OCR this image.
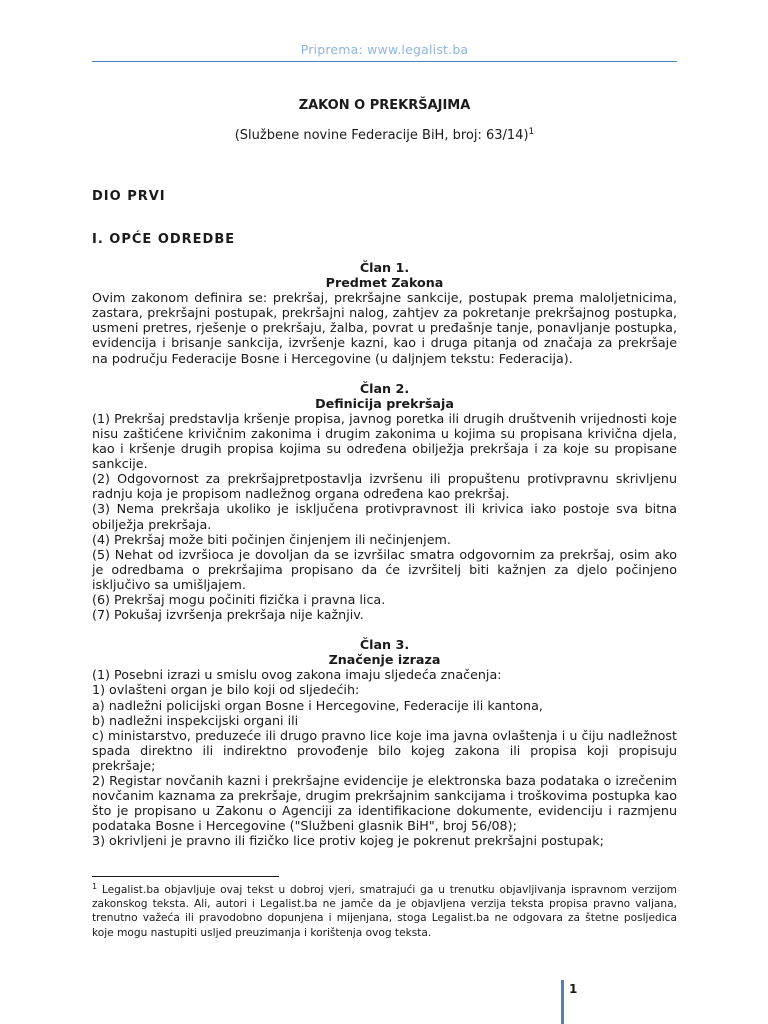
Priprema: www.legalist.ba
ZAKON O PREKRŠAJIMA
(Službene novine Federacije BiH, broj: 63/14)$^1$
DIO PRVI
I. OPĆE ODREDBE
Član 1.
Predmet Zakona
Ovim zakonom definira se: prekršaj, prekršajne sankcije, postupak prema maloljetnicima, zastara, prekršajni postupak, prekršajni nalog, zahtjev za pokretanje prekršajnog postupka, usmeni pretres, rješenje o prekršaju, žalba, povrat u pređašnje tanje, ponavljanje postupka, evidencija i brisanje sankcija, izvršenje kazni, kao i druga pitanja od značaja za prekršaje na području Federacije Bosne i Hercegovine (u daljnjem tekstu: Federacija).
Član 2.
Definicija prekršaja
(1) Prekršaj predstavlja kršenje propisa, javnog poretka ili drugih društvenih vrijednosti koje nisu zaštićene krivičnim zakonima i drugim zakonima u kojima su propisana krivična djela, kao i kršenje drugih propisa kojima su određena obilježja prekršaja i za koje su propisane sankcije.
(2) Odgovornost za prekršajpretpostavlja izvršenu ili propuštenu protivpravnu skrivljenu radnju koja je propisom nadležnog organa određena kao prekršaj.
(3) Nema prekršaja ukoliko je isključena protivpravnost ili krivica iako postoje sva bitna obilježja prekršaja.
(4) Prekršaj može biti počinjen činjenjem ili nečinjenjem.
(5) Nehat od izvršioca je dovoljan da se izvršilac smatra odgovornim za prekršaj, osim ako je odredbama o prekršajima propisano da će izvršitelj biti kažnjen za djelo počinjeno isključivo sa umišljajem.
(6) Prekršaj mogu počiniti fizička i pravna lica.
(7) Pokušaj izvršenja prekršaja nije kažnjiv.
Član 3.
Značenje izraza
(1) Posebni izrazi u smislu ovog zakona imaju sljedeća značenja:
1) ovlašteni organ je bilo koji od sljedećih:
a) nadležni policijski organ Bosne i Hercegovine, Federacije ili kantona,
b) nadležni inspekcijski organi ili
c) ministarstvo, preduzeće ili drugo pravno lice koje ima javna ovlaštenja i u čiju nadležnost spada direktno ili indirektno provođenje bilo kojeg zakona ili propisa koji propisuju prekršaje;
2) Registar novčanih kazni i prekršajne evidencije je elektronska baza podataka o izrečenim novčanim kaznama za prekršaje, drugim prekršajnim sankcijama i troškovima postupka kao što je propisano u Zakonu o Agenciji za identifikacione dokumente, evidenciju i razmjenu podataka Bosne i Hercegovine ("Službeni glasnik BiH", broj 56/08);
3) okrivljeni je pravno ili fizičko lice protiv kojeg je pokrenut prekršajni postupak;
$^1$ Legalist.ba objavljuje ovaj tekst u dobroj vjeri, smatrajući ga u trenutku objavljivanja ispravnom verzijom zakonskog teksta. Ali, autori i Legalist.ba ne jamče da je objavljena verzija teksta propisa pravno valjana, trenutno važeća ili pravodobno dopunjena i mijenjana, stoga Legalist.ba ne odgovara za štetne posljedica koje mogu nastupiti usljed preuzimanja i korištenja ovog teksta.
1
